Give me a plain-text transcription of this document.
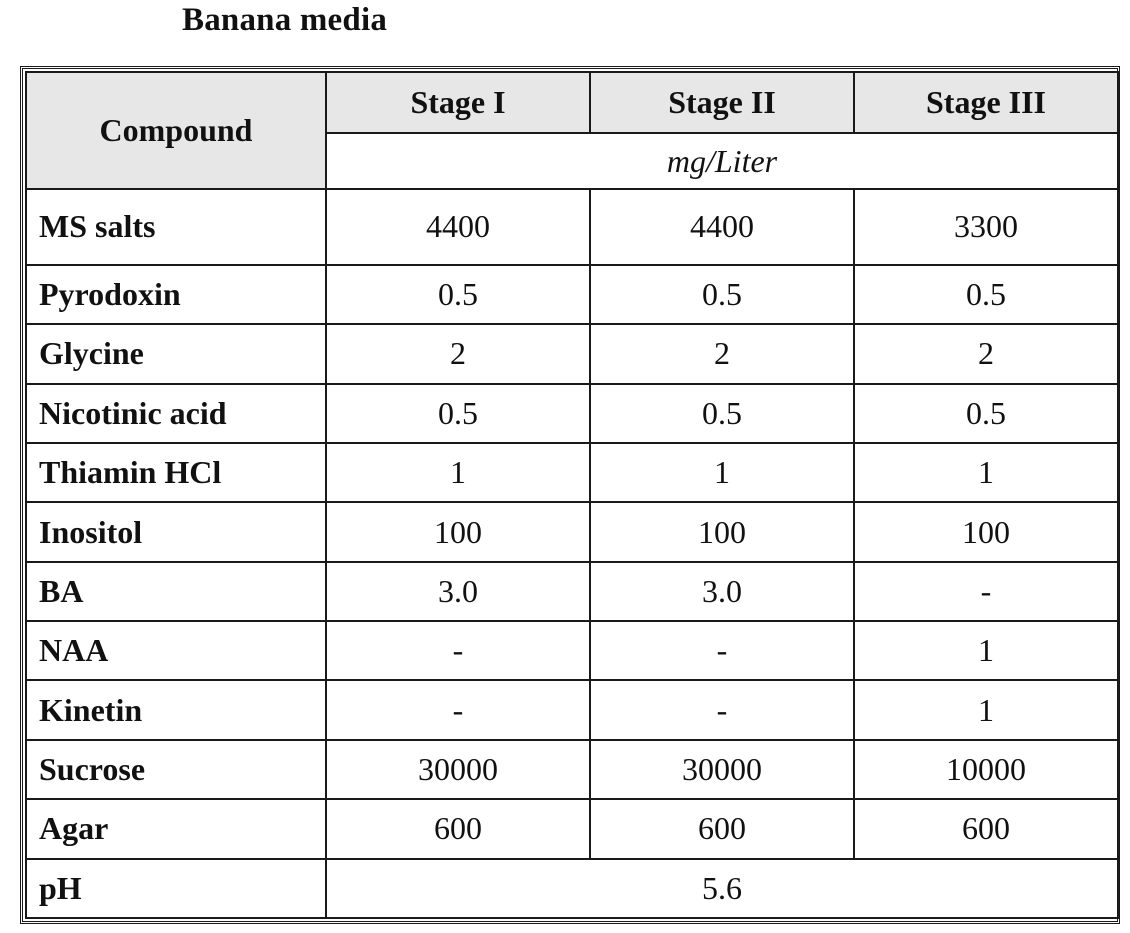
Banana media
Compound	Stage I	Stage II	Stage III
	mg/Liter		
MS salts	4400	4400	3300
Pyrodoxin	0.5	0.5	0.5
Glycine	2	2	2
Nicotinic acid	0.5	0.5	0.5
Thiamin HCl	1	1	1
Inositol	100	100	100
BA	3.0	3.0	-
NAA	-	-	1
Kinetin	-	-	1
Sucrose	30000	30000	10000
Agar	600	600	600
pH	5.6		
